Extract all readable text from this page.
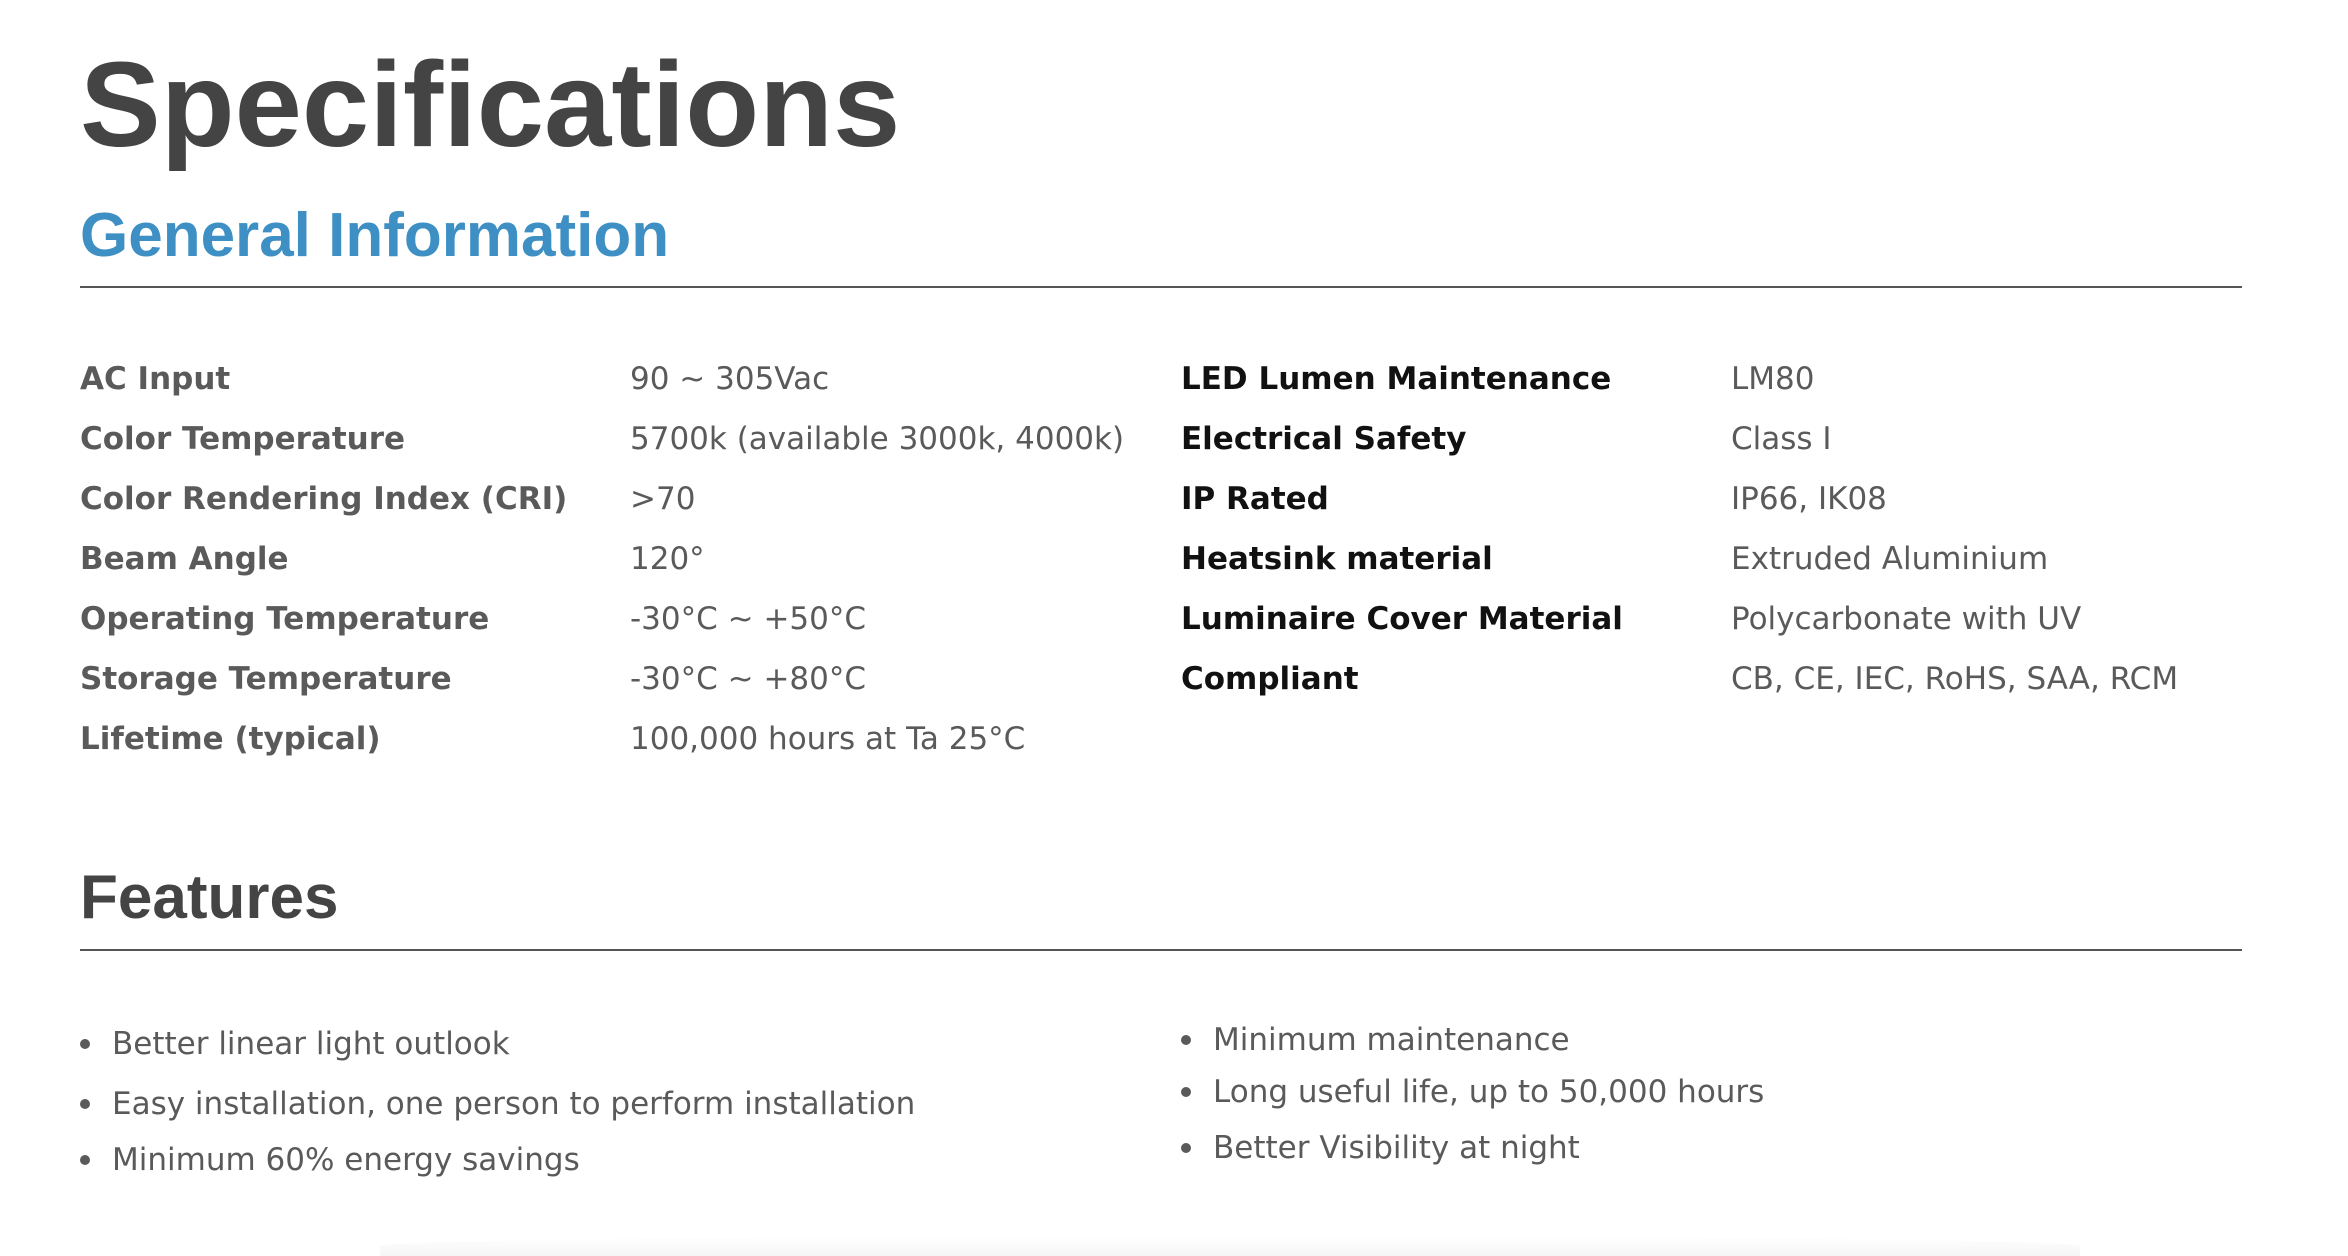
Specifications
General Information
AC Input	90 ~ 305Vac
Color Temperature	5700k (available 3000k, 4000k)
Color Rendering Index (CRI) >70
Beam Angle	120°
Operating Temperature	-30°C ~ +50°C
Storage Temperature	-30°C ~ +80°C
Lifetime (typical)	100,000 hours at Ta 25°C
LED Lumen Maintenance	LM80
Electrical Safety	Class I
IP Rated	IP66, IK08
Heatsink material	Extruded Aluminium
Luminaire Cover Material	Polycarbonate with UV
Compliant	CB, CE, IEC, RoHS, SAA, RCM
Features
Better linear light outlook
Easy installation, one person to perform installation
Minimum 60% energy savings
Minimum maintenance
Long useful life, up to 50,000 hours
Better Visibility at night
